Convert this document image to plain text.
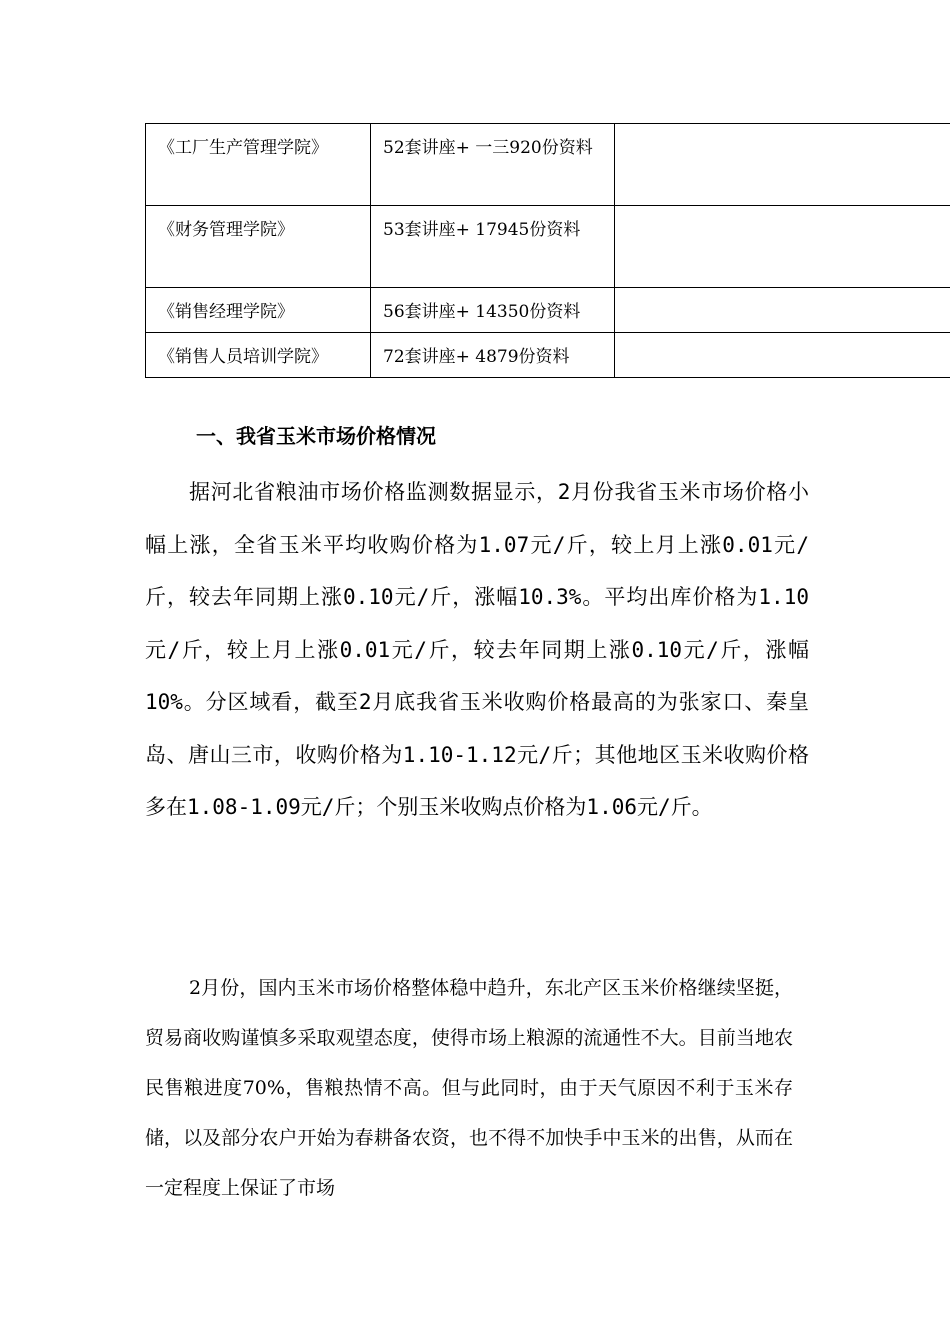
《工厂生产管理学院》	52套讲座+ 一三920份资料	

《财务管理学院》	53套讲座+ 17945份资料	

《销售经理学院》	56套讲座+ 14350份资料	

《销售人员培训学院》	72套讲座+ 4879份资料	

一、我省玉米市场价格情况

据河北省粮油市场价格监测数据显示，2月份我省玉米市场价格小幅上涨，全省玉米平均收购价格为1.07元/斤，较上月上涨0.01元/斤，较去年同期上涨0.10元/斤，涨幅10.3%。平均出库价格为1.10元/斤，较上月上涨0.01元/斤，较去年同期上涨0.10元/斤，涨幅10%。分区域看，截至2月底我省玉米收购价格最高的为张家口、秦皇岛、唐山三市，收购价格为1.10-1.12元/斤；其他地区玉米收购价格多在1.08-1.09元/斤；个别玉米收购点价格为1.06元/斤。

2月份，国内玉米市场价格整体稳中趋升，东北产区玉米价格继续坚挺，贸易商收购谨慎多采取观望态度，使得市场上粮源的流通性不大。目前当地农民售粮进度70%，售粮热情不高。但与此同时，由于天气原因不利于玉米存储，以及部分农户开始为春耕备农资，也不得不加快手中玉米的出售，从而在一定程度上保证了市场
